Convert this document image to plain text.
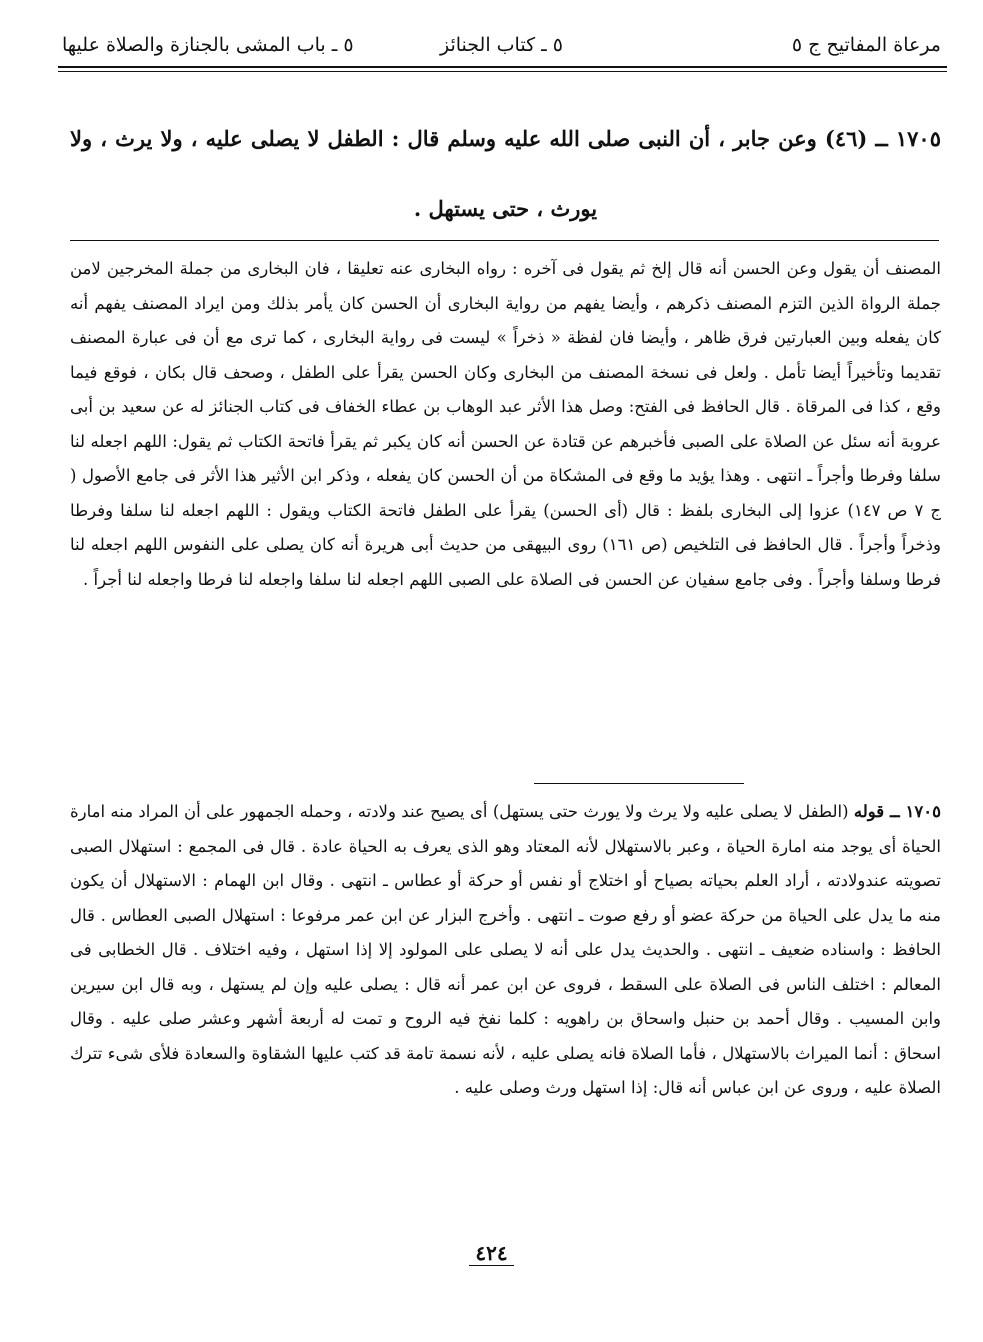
مرعاة المفاتيح ج ٥
٥ ـ كتاب الجنائز
٥ ـ باب المشى بالجنازة والصلاة عليها
١٧٠٥ ــ (٤٦) وعن جابر ، أن النبى صلى الله عليه وسلم قال : الطفل لا يصلى عليه ، ولا يرث ، ولا يورث ، حتى يستهل .

المصنف أن يقول وعن الحسن أنه قال إلخ ثم يقول فى آخره : رواه البخارى عنه تعليقا ، فان البخارى من جملة المخرجين لامن جملة الرواة الذين التزم المصنف ذكرهم ، وأيضا يفهم من رواية البخارى أن الحسن كان يأمر بذلك ومن ايراد المصنف يفهم أنه كان يفعله وبين العبارتين فرق ظاهر ، وأيضا فان لفظة « ذخراً » ليست فى رواية البخارى ، كما ترى مع أن فى عبارة المصنف تقديما وتأخيراً أيضا تأمل . ولعل فى نسخة المصنف من البخارى وكان الحسن يقرأ على الطفل ، وصحف قال بكان ، فوقع فيما وقع ، كذا فى المرقاة . قال الحافظ فى الفتح: وصل هذا الأثر عبد الوهاب بن عطاء الخفاف فى كتاب الجنائز له عن سعيد بن أبى عروبة أنه سئل عن الصلاة على الصبى فأخبرهم عن قتادة عن الحسن أنه كان يكبر ثم يقرأ فاتحة الكتاب ثم يقول: اللهم اجعله لنا سلفا وفرطا وأجراً ـ انتهى . وهذا يؤيد ما وقع فى المشكاة من أن الحسن كان يفعله ، وذكر ابن الأثير هذا الأثر فى جامع الأصول ( ج ٧ ص ١٤٧) عزوا إلى البخارى بلفظ : قال (أى الحسن) يقرأ على الطفل فاتحة الكتاب ويقول : اللهم اجعله لنا سلفا وفرطا وذخراً وأجراً . قال الحافظ فى التلخيص (ص ١٦١) روى البيهقى من حديث أبى هريرة أنه كان يصلى على النفوس اللهم اجعله لنا فرطا وسلفا وأجراً . وفى جامع سفيان عن الحسن فى الصلاة على الصبى اللهم اجعله لنا سلفا واجعله لنا فرطا واجعله لنا أجراً .

١٧٠٥ ــ قوله (الطفل لا يصلى عليه ولا يرث ولا يورث حتى يستهل) أى يصيح عند ولادته ، وحمله الجمهور على أن المراد منه امارة الحياة أى يوجد منه امارة الحياة ، وعبر بالاستهلال لأنه المعتاد وهو الذى يعرف به الحياة عادة . قال فى المجمع : استهلال الصبى تصويته عندولادته ، أراد العلم بحياته بصياح أو اختلاج أو نفس أو حركة أو عطاس ـ انتهى . وقال ابن الهمام : الاستهلال أن يكون منه ما يدل على الحياة من حركة عضو أو رفع صوت ـ انتهى . وأخرج البزار عن ابن عمر مرفوعا : استهلال الصبى العطاس . قال الحافظ : واسناده ضعيف ـ انتهى . والحديث يدل على أنه لا يصلى على المولود إلا إذا استهل ، وفيه اختلاف . قال الخطابى فى المعالم : اختلف الناس فى الصلاة على السقط ، فروى عن ابن عمر أنه قال : يصلى عليه وإن لم يستهل ، وبه قال ابن سيرين وابن المسيب . وقال أحمد بن حنبل واسحاق بن راهويه : كلما نفخ فيه الروح و تمت له أربعة أشهر وعشر صلى عليه . وقال اسحاق : أنما الميراث بالاستهلال ، فأما الصلاة فانه يصلى عليه ، لأنه نسمة تامة قد كتب عليها الشقاوة والسعادة فلأى شىء تترك الصلاة عليه ، وروى عن ابن عباس أنه قال: إذا استهل ورث وصلى عليه .

٤٢٤
